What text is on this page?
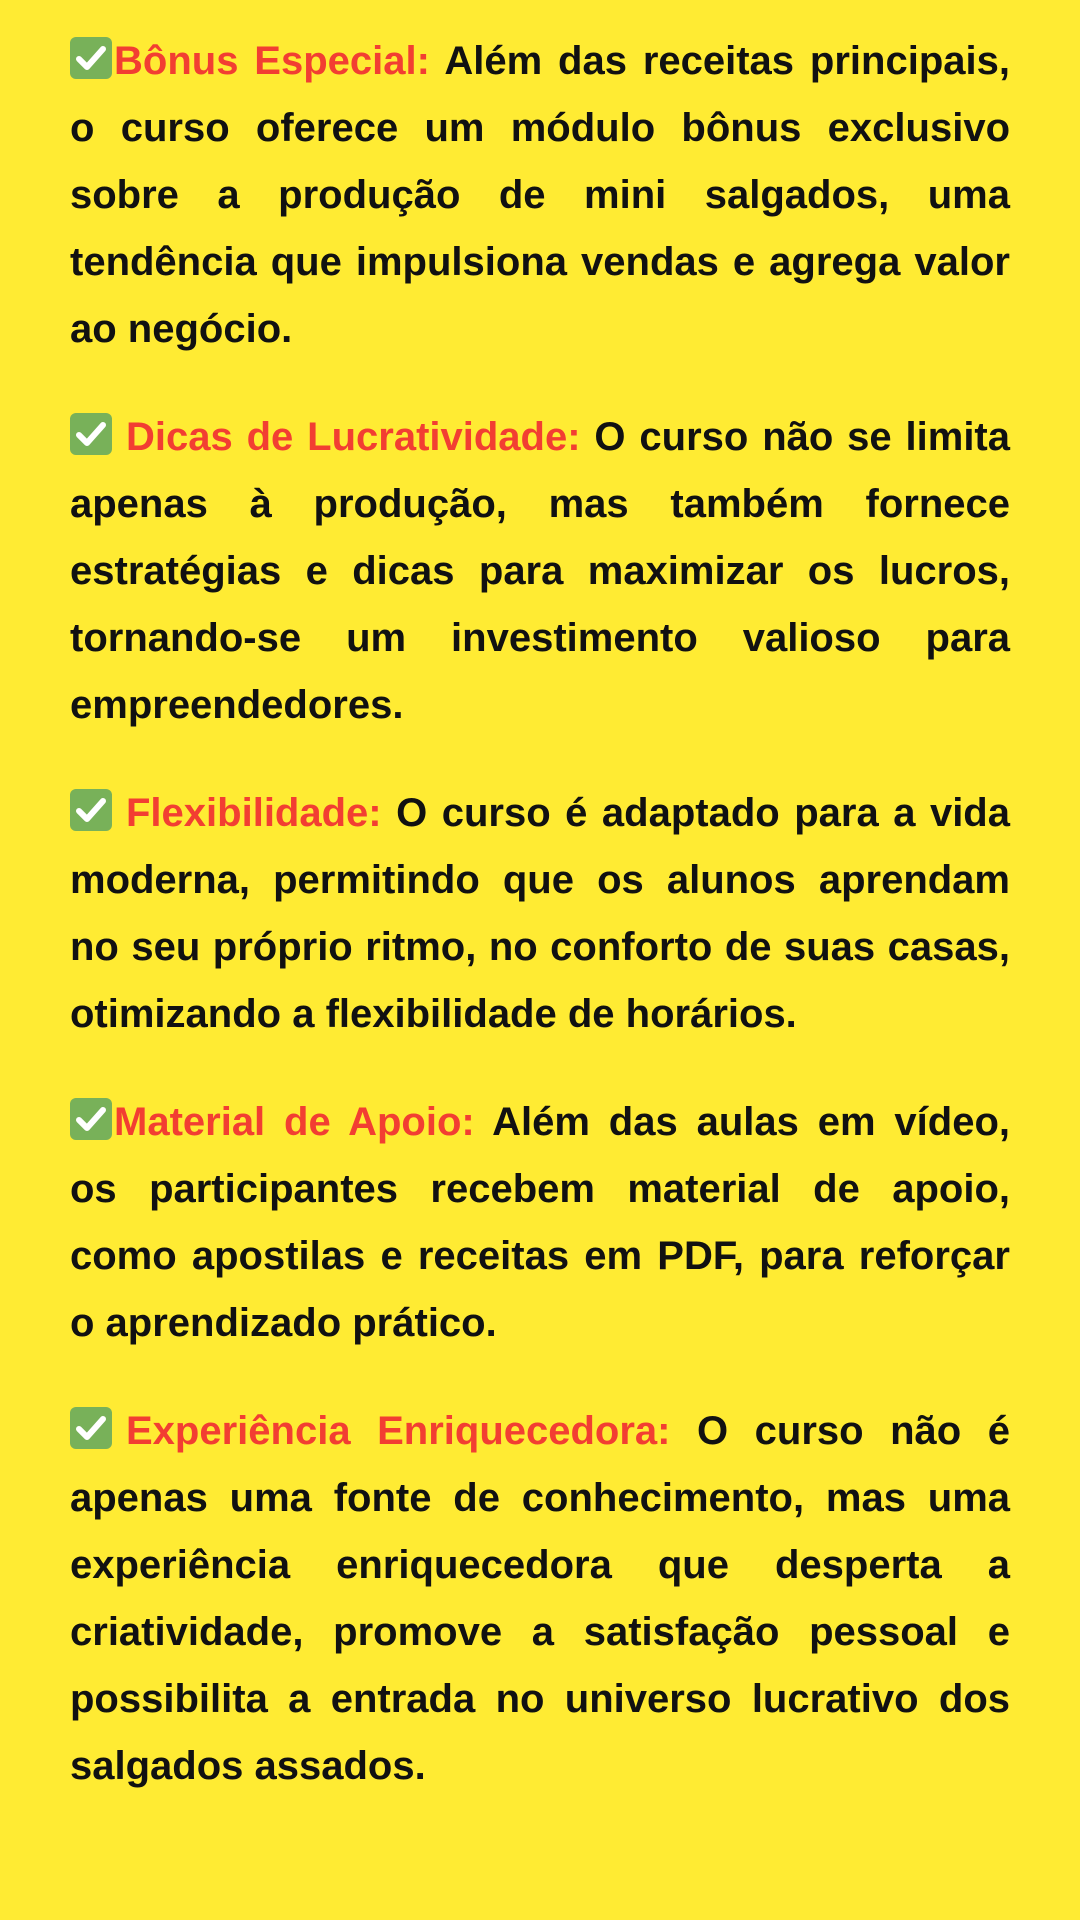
Bônus Especial: Além das receitas principais, o curso oferece um módulo bônus exclusivo sobre a produção de mini salgados, uma tendência que impulsiona vendas e agrega valor ao negócio.

Dicas de Lucratividade: O curso não se limita apenas à produção, mas também fornece estratégias e dicas para maximizar os lucros, tornando-se um investimento valioso para empreendedores.

Flexibilidade: O curso é adaptado para a vida moderna, permitindo que os alunos aprendam no seu próprio ritmo, no conforto de suas casas, otimizando a flexibilidade de horários.

Material de Apoio: Além das aulas em vídeo, os participantes recebem material de apoio, como apostilas e receitas em PDF, para reforçar o aprendizado prático.

Experiência Enriquecedora: O curso não é apenas uma fonte de conhecimento, mas uma experiência enriquecedora que desperta a criatividade, promove a satisfação pessoal e possibilita a entrada no universo lucrativo dos salgados assados.
